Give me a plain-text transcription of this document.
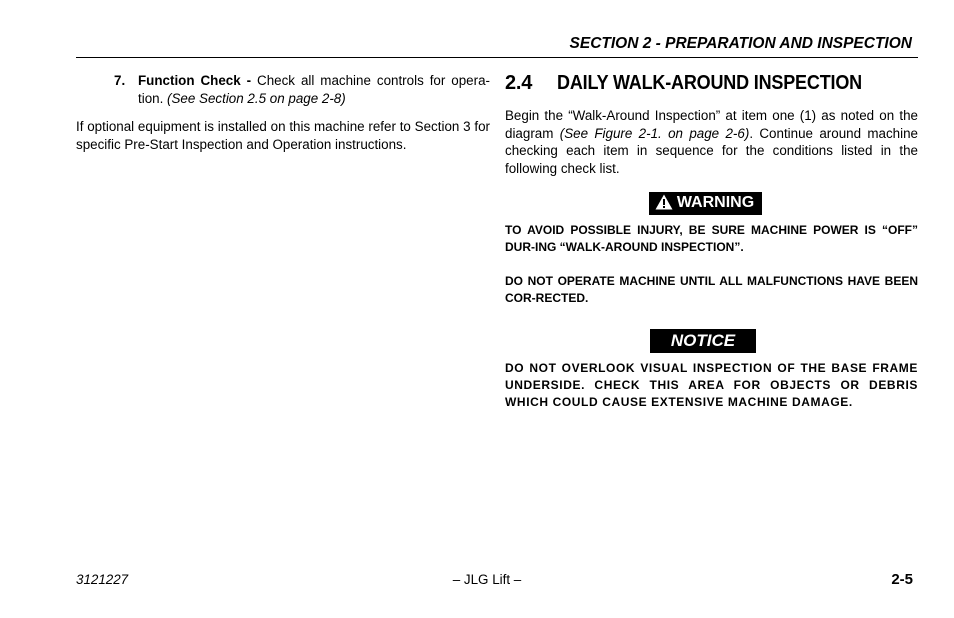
SECTION 2 - PREPARATION AND INSPECTION
7. Function Check - Check all machine controls for opera-tion. (See Section 2.5 on page 2-8)
If optional equipment is installed on this machine refer to Section 3 for specific Pre-Start Inspection and Operation instructions.
2.4	DAILY WALK-AROUND INSPECTION
Begin the “Walk-Around Inspection” at item one (1) as noted on the diagram (See Figure 2-1. on page 2-6). Continue around machine checking each item in sequence for the conditions listed in the following check list.
WARNING
TO AVOID POSSIBLE INJURY, BE SURE MACHINE POWER IS “OFF” DUR-ING “WALK-AROUND INSPECTION”.
DO NOT OPERATE MACHINE UNTIL ALL MALFUNCTIONS HAVE BEEN COR-RECTED.
NOTICE
DO NOT OVERLOOK VISUAL INSPECTION OF THE BASE FRAME UNDERSIDE. CHECK THIS AREA FOR OBJECTS OR DEBRIS WHICH COULD CAUSE EXTENSIVE MACHINE DAMAGE.
3121227	– JLG Lift –	2-5
